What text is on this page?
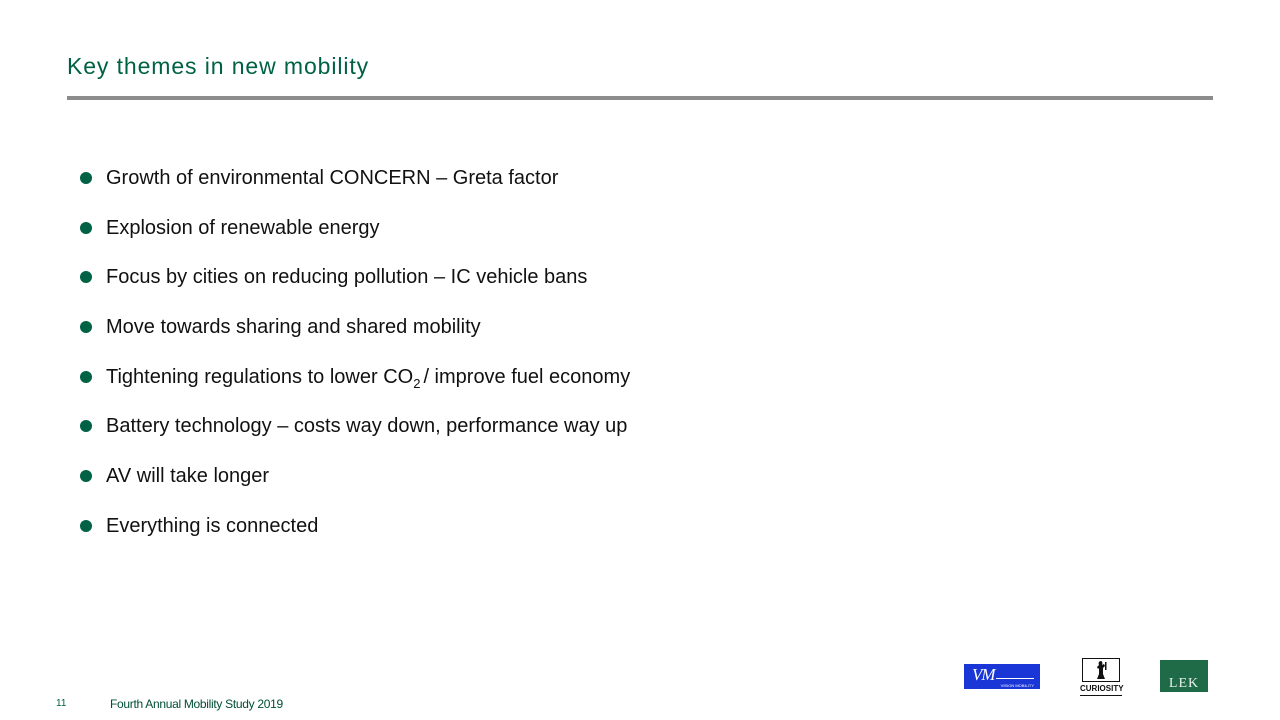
Key themes in new mobility
Growth of environmental CONCERN – Greta factor
Explosion of renewable energy
Focus by cities on reducing pollution – IC vehicle bans
Move towards sharing and shared mobility
Tightening regulations to lower $CO_2$ / improve fuel economy
Battery technology – costs way down, performance way up
AV will take longer
Everything is connected
VM
VISION MOBILITY	CURIOSITY	LEK
11	Fourth Annual Mobility Study 2019
